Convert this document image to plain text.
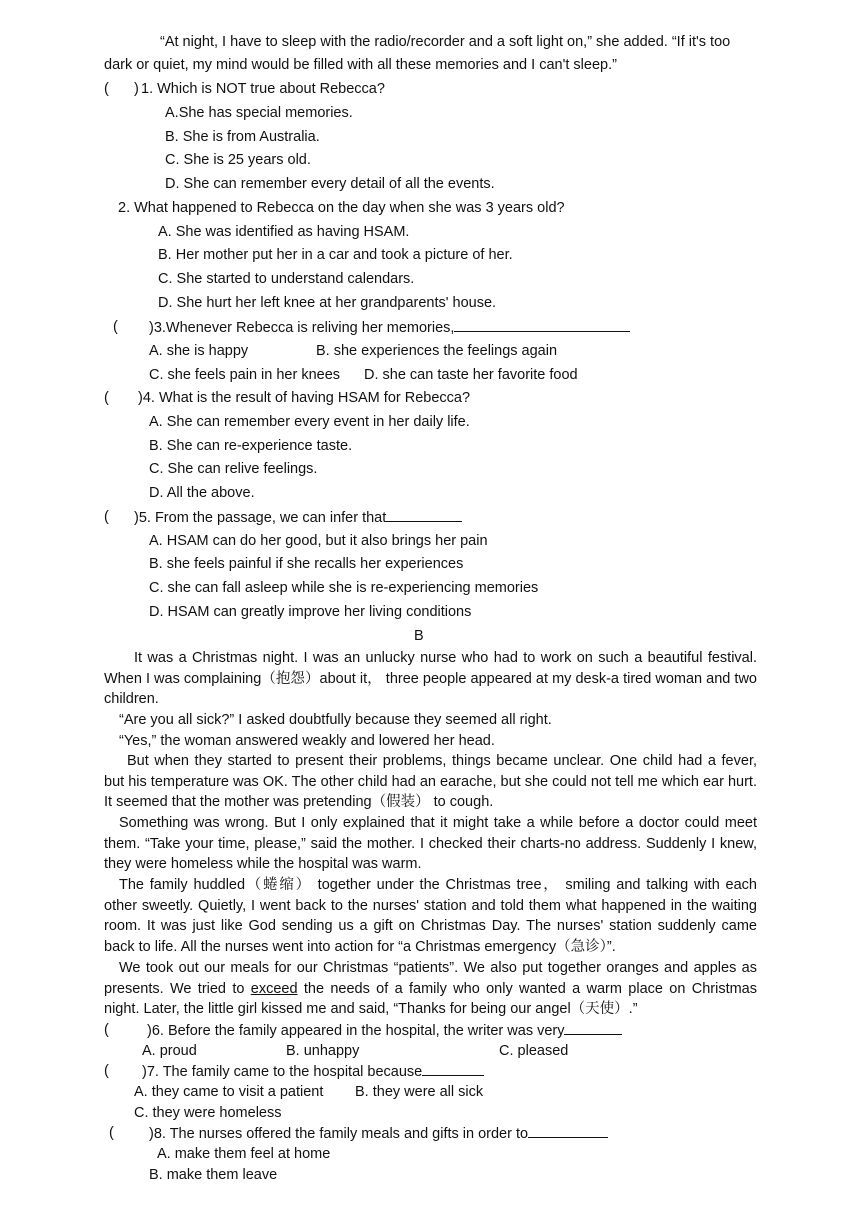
“At night, I have to sleep with the radio/recorder and a soft light on,” she added. “If it's too
dark or quiet, my mind would be filled with all these memories and I can't sleep.”
( ) 1. Which is NOT true about Rebecca?
A.She has special memories.
B. She is from Australia.
C. She is 25 years old.
D. She can remember every detail of all the events.
2. What happened to Rebecca on the day when she was 3 years old?
A. She was identified as having HSAM.
B. Her mother put her in a car and took a picture of her.
C. She started to understand calendars.
D. She hurt her left knee at her grandparents' house.
( )3.Whenever Rebecca is reliving her memories,
A. she is happy	B. she experiences the feelings again
C. she feels pain in her knees D. she can taste her favorite food
( )4. What is the result of having HSAM for Rebecca?
A. She can remember every event in her daily life.
B. She can re-experience taste.
C. She can relive feelings.
D. All the above.
( )5. From the passage, we can infer that
A. HSAM can do her good, but it also brings her pain
B. she feels painful if she recalls her experiences
C. she can fall asleep while she is re-experiencing memories
D. HSAM can greatly improve her living conditions
B
It was a Christmas night. I was an unlucky nurse who had to work on such a beautiful festival. When I was complaining（抱怨）about it， three people appeared at my desk-a tired woman and two children.
“Are you all sick?” I asked doubtfully because they seemed all right.
“Yes,” the woman answered weakly and lowered her head.
But when they started to present their problems, things became unclear. One child had a fever, but his temperature was OK. The other child had an earache, but she could not tell me which ear hurt. It seemed that the mother was pretending（假装） to cough.
Something was wrong. But I only explained that it might take a while before a doctor could meet them. “Take your time, please,” said the mother. I checked their charts-no address. Suddenly I knew, they were homeless while the hospital was warm.
The family huddled（蜷缩） together under the Christmas tree， smiling and talking with each other sweetly. Quietly, I went back to the nurses' station and told them what happened in the waiting room. It was just like God sending us a gift on Christmas Day. The nurses' station suddenly came back to life. All the nurses went into action for “a Christmas emergency（急诊）”.
We took out our meals for our Christmas “patients”. We also put together oranges and apples as presents. We tried to exceed the needs of a family who only wanted a warm place on Christmas night. Later, the little girl kissed me and said, “Thanks for being our angel（天使）.”
(	)6. Before the family appeared in the hospital, the writer was very
A. proud	B. unhappy	C. pleased
( )7. The family came to the hospital because
A. they came to visit a patient B. they were all sick
C. they were homeless
( )8. The nurses offered the family meals and gifts in order to
A. make them feel at home
B. make them leave
